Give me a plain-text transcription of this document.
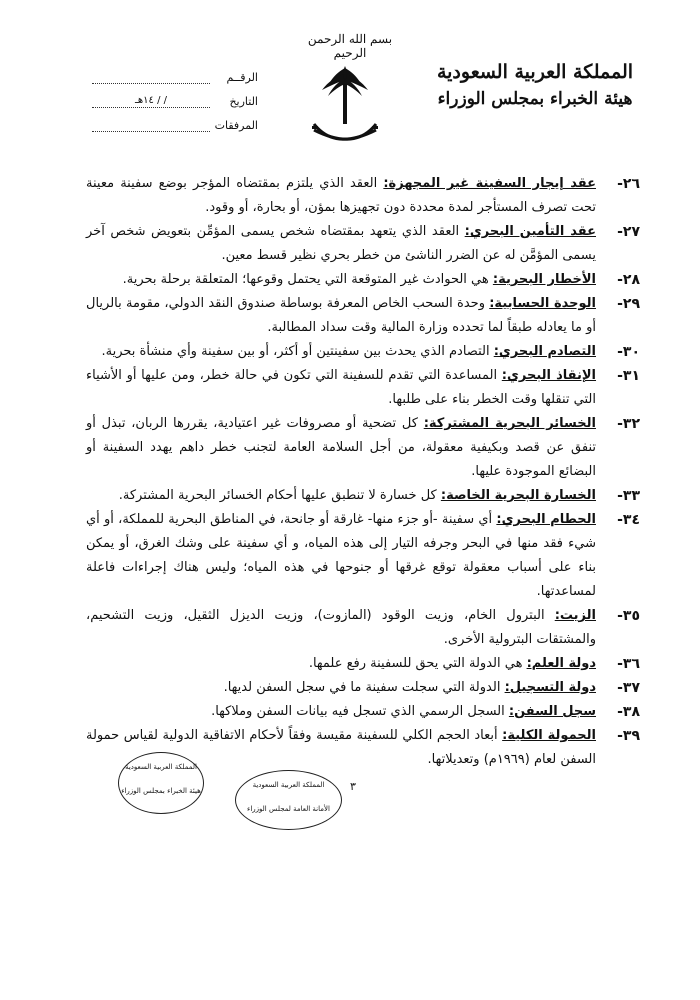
بسم الله الرحمن الرحيم
المملكة العربية السعودية
هيئة الخبراء بمجلس الوزراء
الرقــم
التاريخ
/ / ١٤هـ
المرفقات
٢٦-
عقد إيجار السفينة غير المجهزة: العقد الذي يلتزم بمقتضاه المؤجر بوضع سفينة معينة تحت تصرف المستأجر لمدة محددة دون تجهيزها بمؤن، أو بحارة، أو وقود.
٢٧-
عقد التأمين البحري: العقد الذي يتعهد بمقتضاه شخص يسمى المؤمِّن بتعويض شخص آخر يسمى المؤمَّن له عن الضرر الناشئ من خطر بحري نظير قسط معين.
٢٨-
الأخطار البحرية: هي الحوادث غير المتوقعة التي يحتمل وقوعها؛ المتعلقة برحلة بحرية.
٢٩-
الوحدة الحسابية: وحدة السحب الخاص المعرفة بوساطة صندوق النقد الدولي، مقومة بالريال أو ما يعادله طبقاً لما تحدده وزارة المالية وقت سداد المطالبة.
٣٠-
التصادم البحري: التصادم الذي يحدث بين سفينتين أو أكثر، أو بين سفينة وأي منشأة بحرية.
٣١-
الإنقاذ البحري: المساعدة التي تقدم للسفينة التي تكون في حالة خطر، ومن عليها أو الأشياء التي تنقلها وقت الخطر بناء على طلبها.
٣٢-
الخسائر البحرية المشتركة: كل تضحية أو مصروفات غير اعتيادية، يقررها الربان، تبذل أو تنفق عن قصد وبكيفية معقولة، من أجل السلامة العامة لتجنب خطر داهم يهدد السفينة أو البضائع الموجودة عليها.
٣٣-
الخسارة البحرية الخاصة: كل خسارة لا تنطبق عليها أحكام الخسائر البحرية المشتركة.
٣٤-
الحطام البحري: أي سفينة -أو جزء منها- غارقة أو جانحة، في المناطق البحرية للمملكة، أو أي شيء فقد منها في البحر وجرفه التيار إلى هذه المياه، و أي سفينة على وشك الغرق، أو يمكن بناء على أسباب معقولة توقع غرقها أو جنوحها في هذه المياه؛ وليس هناك إجراءات فاعلة لمساعدتها.
٣٥-
الزيت: البترول الخام، وزيت الوقود (المازوت)، وزيت الديزل الثقيل، وزيت التشحيم، والمشتقات البترولية الأخرى.
٣٦-
دولة العلم: هي الدولة التي يحق للسفينة رفع علمها.
٣٧-
دولة التسجيل: الدولة التي سجلت سفينة ما في سجل السفن لديها.
٣٨-
سجل السفن: السجل الرسمي الذي تسجل فيه بيانات السفن وملاكها.
٣٩-
الحمولة الكلية: أبعاد الحجم الكلي للسفينة مقيسة وفقاً لأحكام الاتفاقية الدولية لقياس حمولة السفن لعام (١٩٦٩م) وتعديلاتها.
٣
المملكة العربية السعودية
هيئة الخبراء بمجلس الوزراء
المملكة العربية السعودية
الأمانة العامة لمجلس الوزراء
